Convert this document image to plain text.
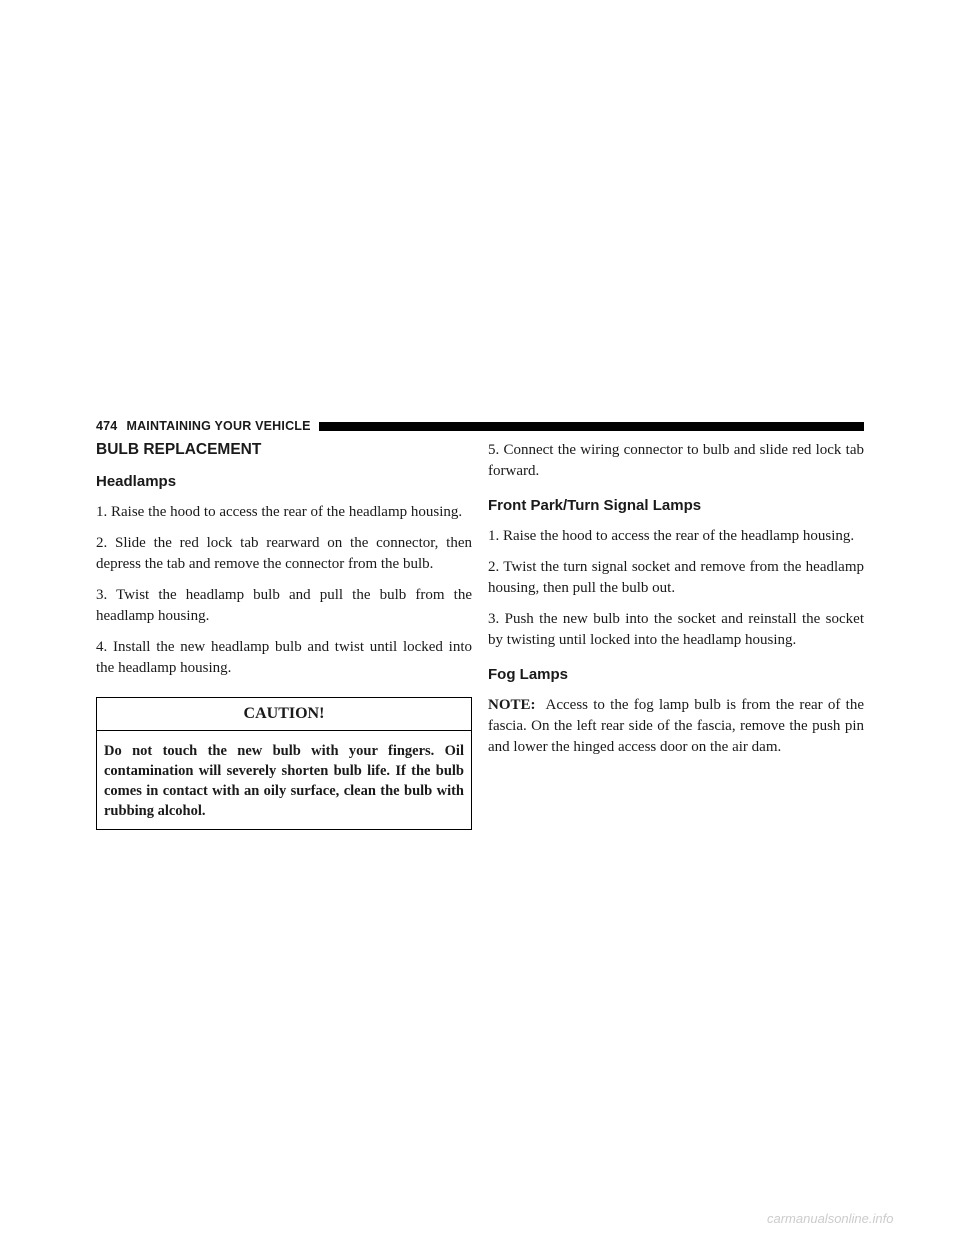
474 MAINTAINING YOUR VEHICLE
BULB REPLACEMENT
Headlamps

1. Raise the hood to access the rear of the headlamp housing.

2. Slide the red lock tab rearward on the connector, then depress the tab and remove the connector from the bulb.

3. Twist the headlamp bulb and pull the bulb from the headlamp housing.

4. Install the new headlamp bulb and twist until locked into the headlamp housing.

CAUTION!

Do not touch the new bulb with your fingers. Oil contamination will severely shorten bulb life. If the bulb comes in contact with an oily surface, clean the bulb with rubbing alcohol.

5. Connect the wiring connector to bulb and slide red lock tab forward.

Front Park/Turn Signal Lamps

1. Raise the hood to access the rear of the headlamp housing.

2. Twist the turn signal socket and remove from the headlamp housing, then pull the bulb out.

3. Push the new bulb into the socket and reinstall the socket by twisting until locked into the headlamp housing.

Fog Lamps

NOTE: Access to the fog lamp bulb is from the rear of the fascia. On the left rear side of the fascia, remove the push pin and lower the hinged access door on the air dam.

carmanualsonline.info
